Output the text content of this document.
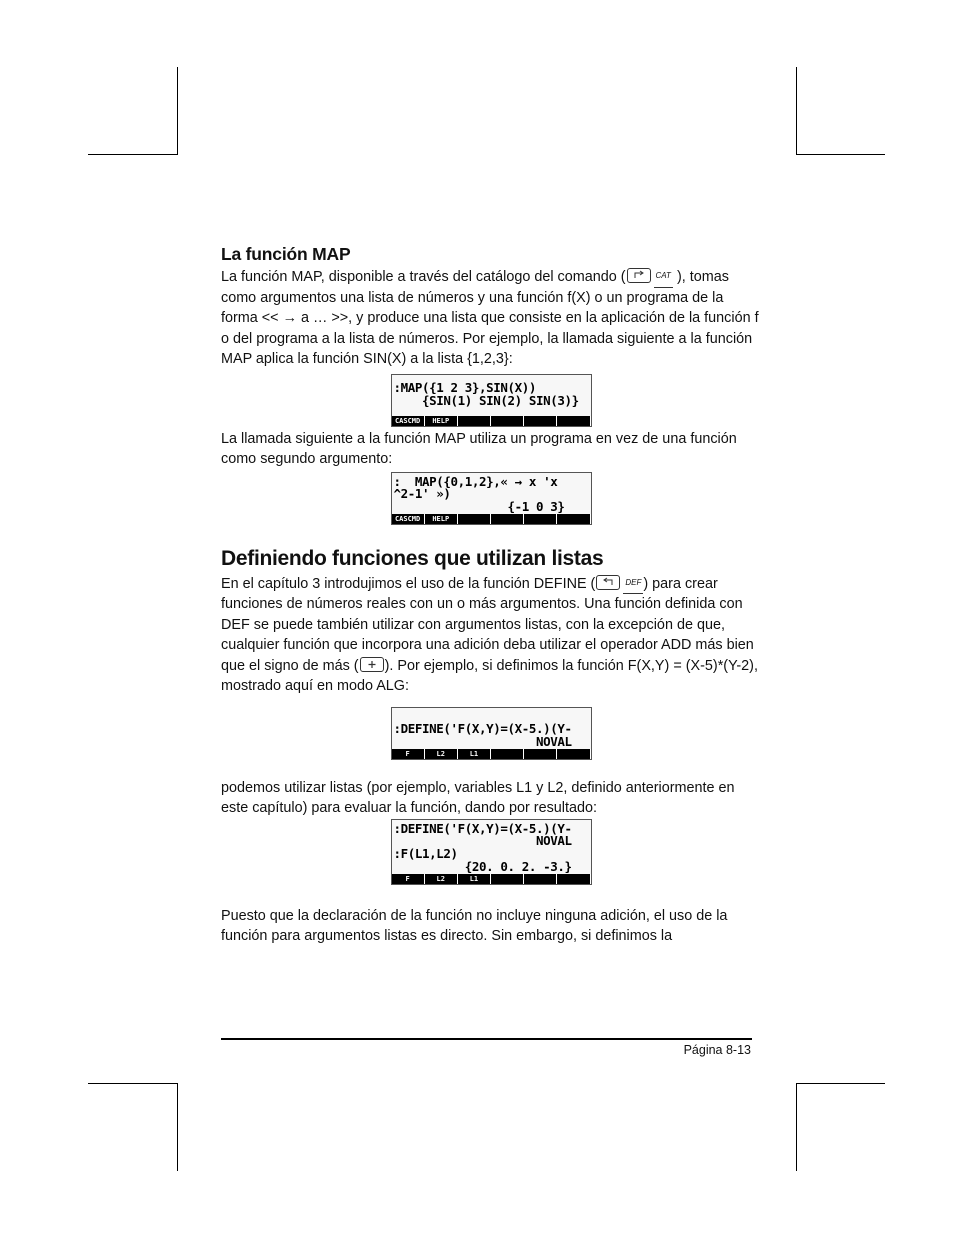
La función MAP

La función MAP, disponible a través del catálogo del comando (	CAT ), tomas como argumentos una lista de números y una función f(X) o un programa de la forma << → a … >>, y produce una lista que consiste en la aplicación de la función f o del programa a la lista de números. Por ejemplo, la llamada siguiente a la función MAP aplica la función SIN(X) a la lista {1,2,3}:

:MAP({1 2 3},SIN(X))
{SIN(1) SIN(2) SIN(3)}
CASCMD	HELP

La llamada siguiente a la función MAP utiliza un programa en vez de una función como segundo argumento:

:  MAP({0,1,2},« → x 'x
^2-1' »)
{-1 0 3}
CASCMD	HELP
Definiendo funciones que utilizan listas

En el capítulo 3 introdujimos el uso de la función DEFINE (	DEF ) para crear funciones de números reales con un o más argumentos. Una función definida con DEF se puede también utilizar con argumentos listas, con la excepción de que, cualquier función que incorpora una adición deba utilizar el operador ADD más bien que el signo de más ( ). Por ejemplo, si definimos la función F(X,Y) = (X-5)*(Y-2), mostrado aquí en modo ALG:

:DEFINE('F(X,Y)=(X-5.)(Y-
NOVAL
F	L2	L1

podemos utilizar listas (por ejemplo, variables L1 y L2, definido anteriormente en este capítulo) para evaluar la función, dando por resultado:

:DEFINE('F(X,Y)=(X-5.)(Y-
NOVAL
:F(L1,L2)
{20. 0. 2. -3.}
F	L2	L1

Puesto que la declaración de la función no incluye ninguna adición, el uso de la función para argumentos listas es directo. Sin embargo, si definimos la

Página 8-13
